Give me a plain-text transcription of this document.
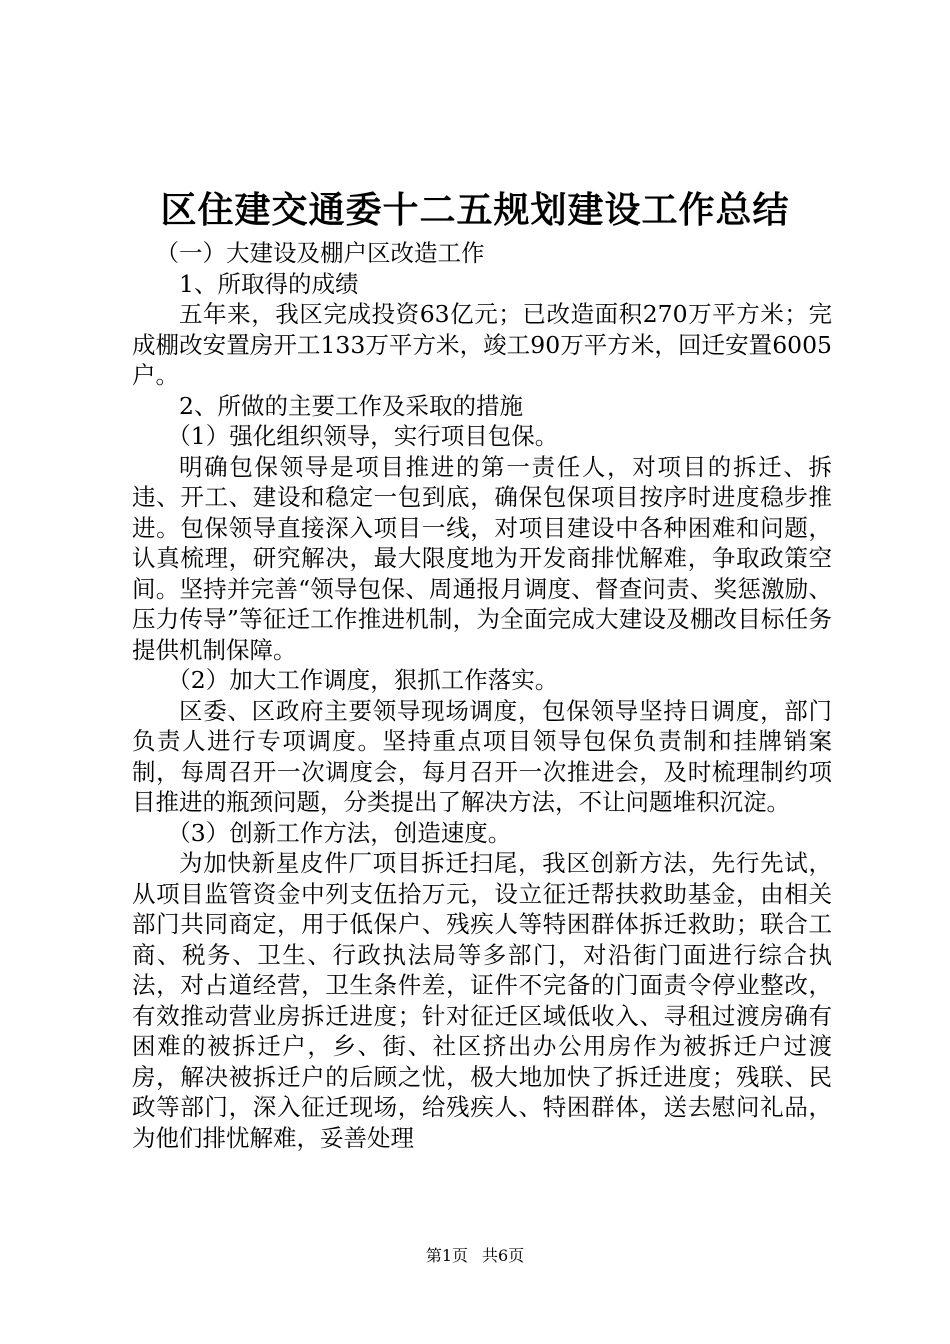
区住建交通委十二五规划建设工作总结

（一）大建设及棚户区改造工作

1、所取得的成绩

五年来，我区完成投资63亿元；已改造面积270万平方米；完成棚改安置房开工133万平方米，竣工90万平方米，回迁安置6005户。

2、所做的主要工作及采取的措施

（1）强化组织领导，实行项目包保。

明确包保领导是项目推进的第一责任人，对项目的拆迁、拆违、开工、建设和稳定一包到底，确保包保项目按序时进度稳步推进。包保领导直接深入项目一线，对项目建设中各种困难和问题，认真梳理，研究解决，最大限度地为开发商排忧解难，争取政策空间。坚持并完善“领导包保、周通报月调度、督查问责、奖惩激励、压力传导”等征迁工作推进机制，为全面完成大建设及棚改目标任务提供机制保障。

（2）加大工作调度，狠抓工作落实。

区委、区政府主要领导现场调度，包保领导坚持日调度，部门负责人进行专项调度。坚持重点项目领导包保负责制和挂牌销案制，每周召开一次调度会，每月召开一次推进会，及时梳理制约项目推进的瓶颈问题，分类提出了解决方法，不让问题堆积沉淀。

（3）创新工作方法，创造速度。

为加快新星皮件厂项目拆迁扫尾，我区创新方法，先行先试，从项目监管资金中列支伍拾万元，设立征迁帮扶救助基金，由相关部门共同商定，用于低保户、残疾人等特困群体拆迁救助；联合工商、税务、卫生、行政执法局等多部门，对沿街门面进行综合执法，对占道经营，卫生条件差，证件不完备的门面责令停业整改，有效推动营业房拆迁进度；针对征迁区域低收入、寻租过渡房确有困难的被拆迁户，乡、街、社区挤出办公用房作为被拆迁户过渡房，解决被拆迁户的后顾之忧，极大地加快了拆迁进度；残联、民政等部门，深入征迁现场，给残疾人、特困群体，送去慰问礼品，为他们排忧解难，妥善处理

第1页 共6页
